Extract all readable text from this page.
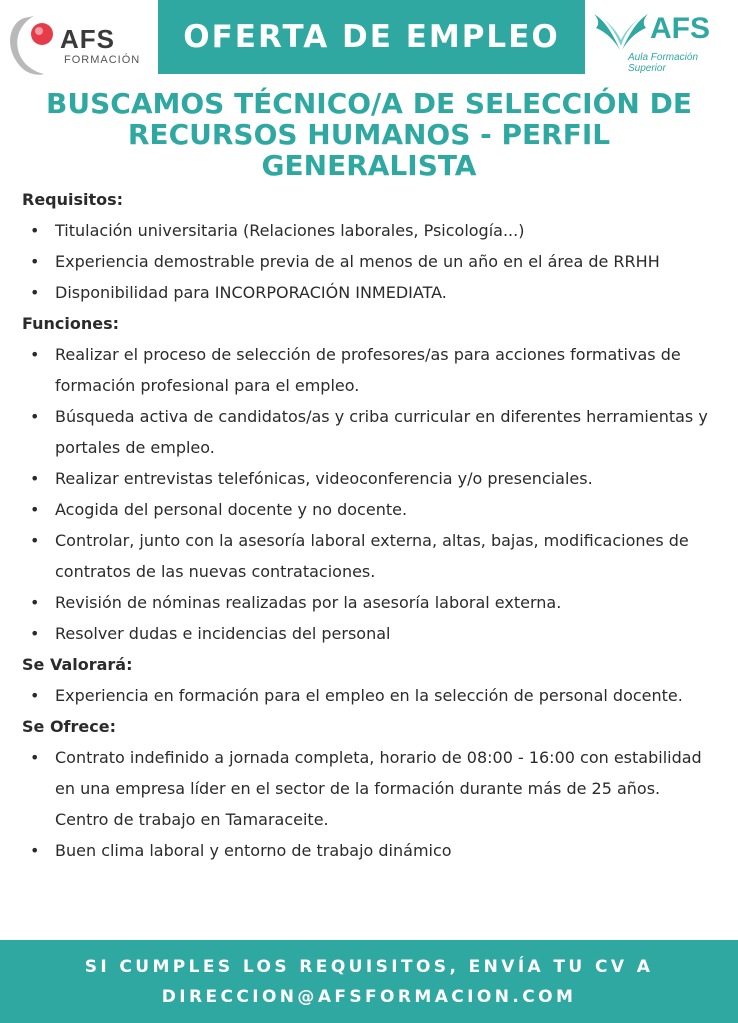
AFS
FORMACIÓN
OFERTA DE EMPLEO	AFS
Aula Formación Superior
BUSCAMOS TÉCNICO/A DE SELECCIÓN DE RECURSOS HUMANOS - PERFIL GENERALISTA
Requisitos:
• Titulación universitaria (Relaciones laborales, Psicología...)
• Experiencia demostrable previa de al menos de un año en el área de RRHH
• Disponibilidad para INCORPORACIÓN INMEDIATA.
Funciones:
• Realizar el proceso de selección de profesores/as para acciones formativas de formación profesional para el empleo.
• Búsqueda activa de candidatos/as y criba curricular en diferentes herramientas y portales de empleo.
• Realizar entrevistas telefónicas, videoconferencia y/o presenciales.
• Acogida del personal docente y no docente.
• Controlar, junto con la asesoría laboral externa, altas, bajas, modificaciones de contratos de las nuevas contrataciones.
• Revisión de nóminas realizadas por la asesoría laboral externa.
• Resolver dudas e incidencias del personal
Se Valorará:
• Experiencia en formación para el empleo en la selección de personal docente.
Se Ofrece:
• Contrato indefinido a jornada completa, horario de 08:00 - 16:00 con estabilidad en una empresa líder en el sector de la formación durante más de 25 años. Centro de trabajo en Tamaraceite.
• Buen clima laboral y entorno de trabajo dinámico
SI CUMPLES LOS REQUISITOS, ENVÍA TU CV A
DIRECCION@AFSFORMACION.COM
